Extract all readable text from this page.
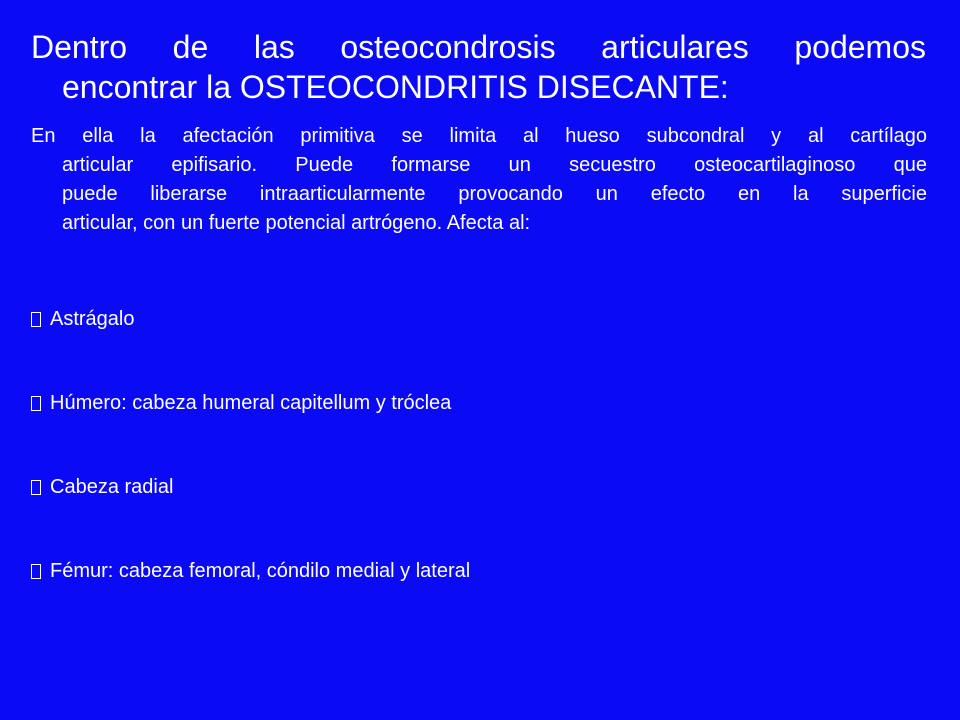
Dentro de las osteocondrosis articulares podemos
encontrar la OSTEOCONDRITIS DISECANTE:
En ella la afectación primitiva se limita al hueso subcondral y al cartílago
articular epifisario. Puede formarse un secuestro osteocartilaginoso que
puede liberarse intraarticularmente provocando un efecto en la superficie
articular, con un fuerte potencial artrógeno. Afecta al:
Astrágalo
Húmero: cabeza humeral capitellum y tróclea
Cabeza radial
Fémur: cabeza femoral, cóndilo medial y lateral
